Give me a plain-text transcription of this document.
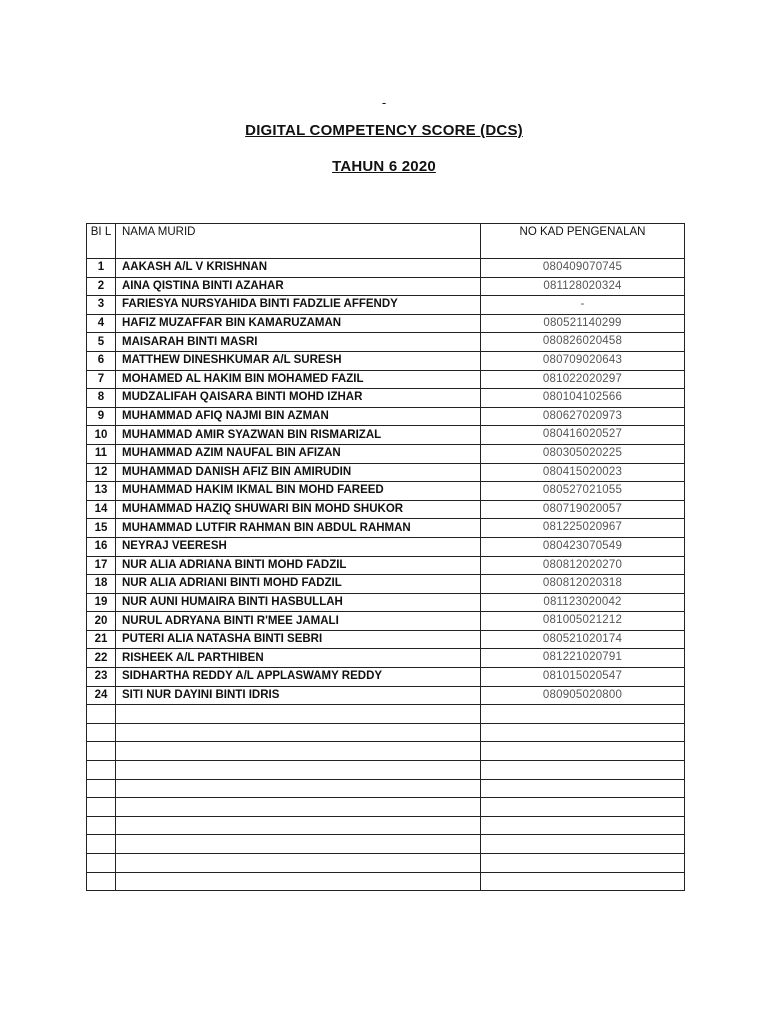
-
DIGITAL COMPETENCY SCORE (DCS)
TAHUN 6 2020
BI L	NAMA MURID	NO KAD PENGENALAN
1	AAKASH A/L V KRISHNAN	080409070745
2	AINA QISTINA BINTI AZAHAR	081128020324
3	FARIESYA NURSYAHIDA BINTI FADZLIE AFFENDY	-
4	HAFIZ MUZAFFAR BIN KAMARUZAMAN	080521140299
5	MAISARAH BINTI MASRI	080826020458
6	MATTHEW DINESHKUMAR A/L SURESH	080709020643
7	MOHAMED AL HAKIM BIN MOHAMED FAZIL	081022020297
8	MUDZALIFAH QAISARA BINTI MOHD IZHAR	080104102566
9	MUHAMMAD AFIQ NAJMI BIN AZMAN	080627020973
10	MUHAMMAD AMIR SYAZWAN BIN RISMARIZAL	080416020527
11	MUHAMMAD AZIM NAUFAL BIN AFIZAN	080305020225
12	MUHAMMAD DANISH AFIZ BIN AMIRUDIN	080415020023
13	MUHAMMAD HAKIM IKMAL BIN MOHD FAREED	080527021055
14	MUHAMMAD HAZIQ SHUWARI BIN MOHD SHUKOR	080719020057
15	MUHAMMAD LUTFIR RAHMAN BIN ABDUL RAHMAN	081225020967
16	NEYRAJ VEERESH	080423070549
17	NUR ALIA ADRIANA BINTI MOHD FADZIL	080812020270
18	NUR ALIA ADRIANI BINTI MOHD FADZIL	080812020318
19	NUR AUNI HUMAIRA BINTI HASBULLAH	081123020042
20	NURUL ADRYANA BINTI R'MEE JAMALI	081005021212
21	PUTERI ALIA NATASHA BINTI SEBRI	080521020174
22	RISHEEK A/L PARTHIBEN	081221020791
23	SIDHARTHA REDDY A/L APPLASWAMY REDDY	081015020547
24	SITI NUR DAYINI BINTI IDRIS	080905020800
